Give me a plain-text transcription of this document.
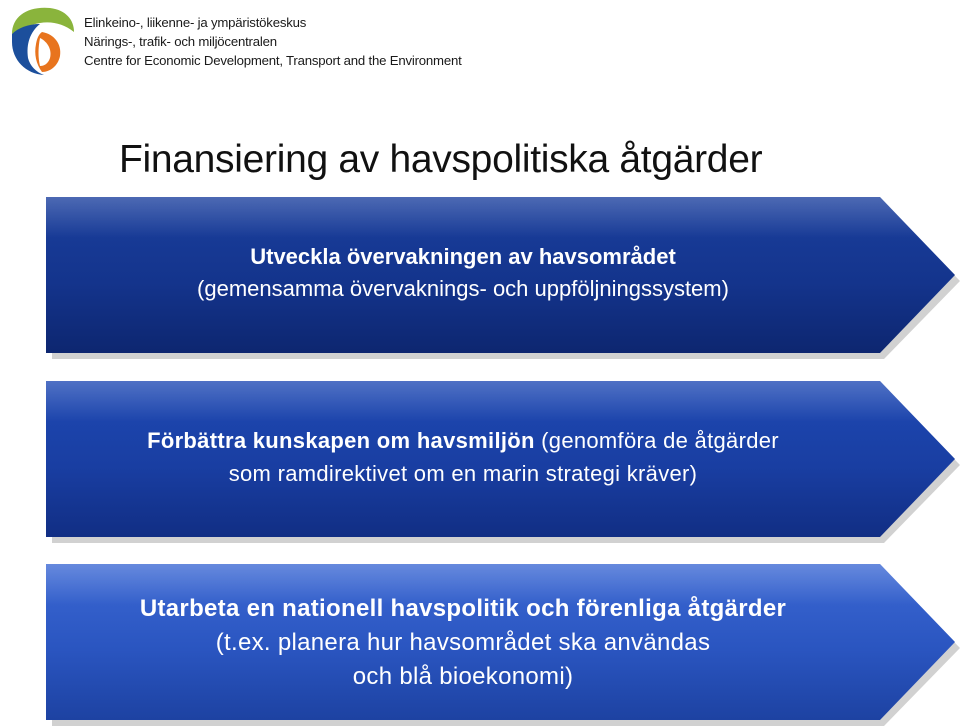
Elinkeino-, liikenne- ja ympäristökeskus
Närings-, trafik- och miljöcentralen
Centre for Economic Development, Transport and the Environment
Finansiering av havspolitiska åtgärder
Utveckla övervakningen av havsområdet
(gemensamma övervaknings- och uppföljningssystem)
Förbättra kunskapen om havsmiljön (genomföra de åtgärder
som ramdirektivet om en marin strategi kräver)
Utarbeta en nationell havspolitik och förenliga åtgärder
(t.ex. planera hur havsområdet ska användas
och blå bioekonomi)
